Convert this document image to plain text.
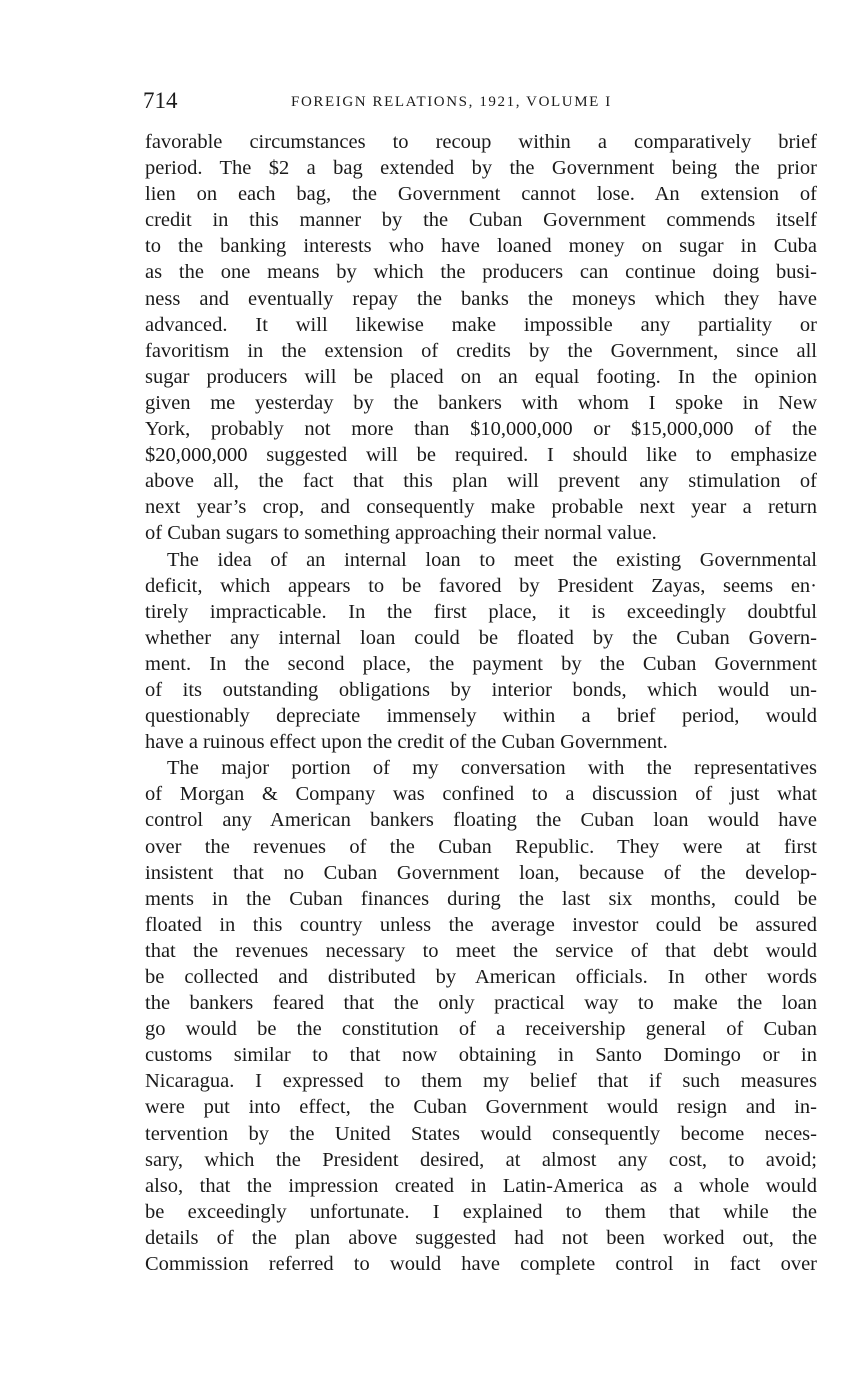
714	FOREIGN RELATIONS, 1921, VOLUME I
favorable circumstances to recoup within a comparatively brief
period. The $2 a bag extended by the Government being the prior
lien on each bag, the Government cannot lose. An extension of
credit in this manner by the Cuban Government commends itself
to the banking interests who have loaned money on sugar in Cuba
as the one means by which the producers can continue doing busi-
ness and eventually repay the banks the moneys which they have
advanced. It will likewise make impossible any partiality or
favoritism in the extension of credits by the Government, since all
sugar producers will be placed on an equal footing. In the opinion
given me yesterday by the bankers with whom I spoke in New
York, probably not more than $10,000,000 or $15,000,000 of the
$20,000,000 suggested will be required. I should like to emphasize
above all, the fact that this plan will prevent any stimulation of
next year’s crop, and consequently make probable next year a return
of Cuban sugars to something approaching their normal value.
The idea of an internal loan to meet the existing Governmental
deficit, which appears to be favored by President Zayas, seems en·
tirely impracticable. In the first place, it is exceedingly doubtful
whether any internal loan could be floated by the Cuban Govern-
ment. In the second place, the payment by the Cuban Government
of its outstanding obligations by interior bonds, which would un-
questionably depreciate immensely within a brief period, would
have a ruinous effect upon the credit of the Cuban Government.
The major portion of my conversation with the representatives
of Morgan & Company was confined to a discussion of just what
control any American bankers floating the Cuban loan would have
over the revenues of the Cuban Republic. They were at first
insistent that no Cuban Government loan, because of the develop-
ments in the Cuban finances during the last six months, could be
floated in this country unless the average investor could be assured
that the revenues necessary to meet the service of that debt would
be collected and distributed by American officials. In other words
the bankers feared that the only practical way to make the loan
go would be the constitution of a receivership general of Cuban
customs similar to that now obtaining in Santo Domingo or in
Nicaragua. I expressed to them my belief that if such measures
were put into effect, the Cuban Government would resign and in-
tervention by the United States would consequently become neces-
sary, which the President desired, at almost any cost, to avoid;
also, that the impression created in Latin-America as a whole would
be exceedingly unfortunate. I explained to them that while the
details of the plan above suggested had not been worked out, the
Commission referred to would have complete control in fact over
